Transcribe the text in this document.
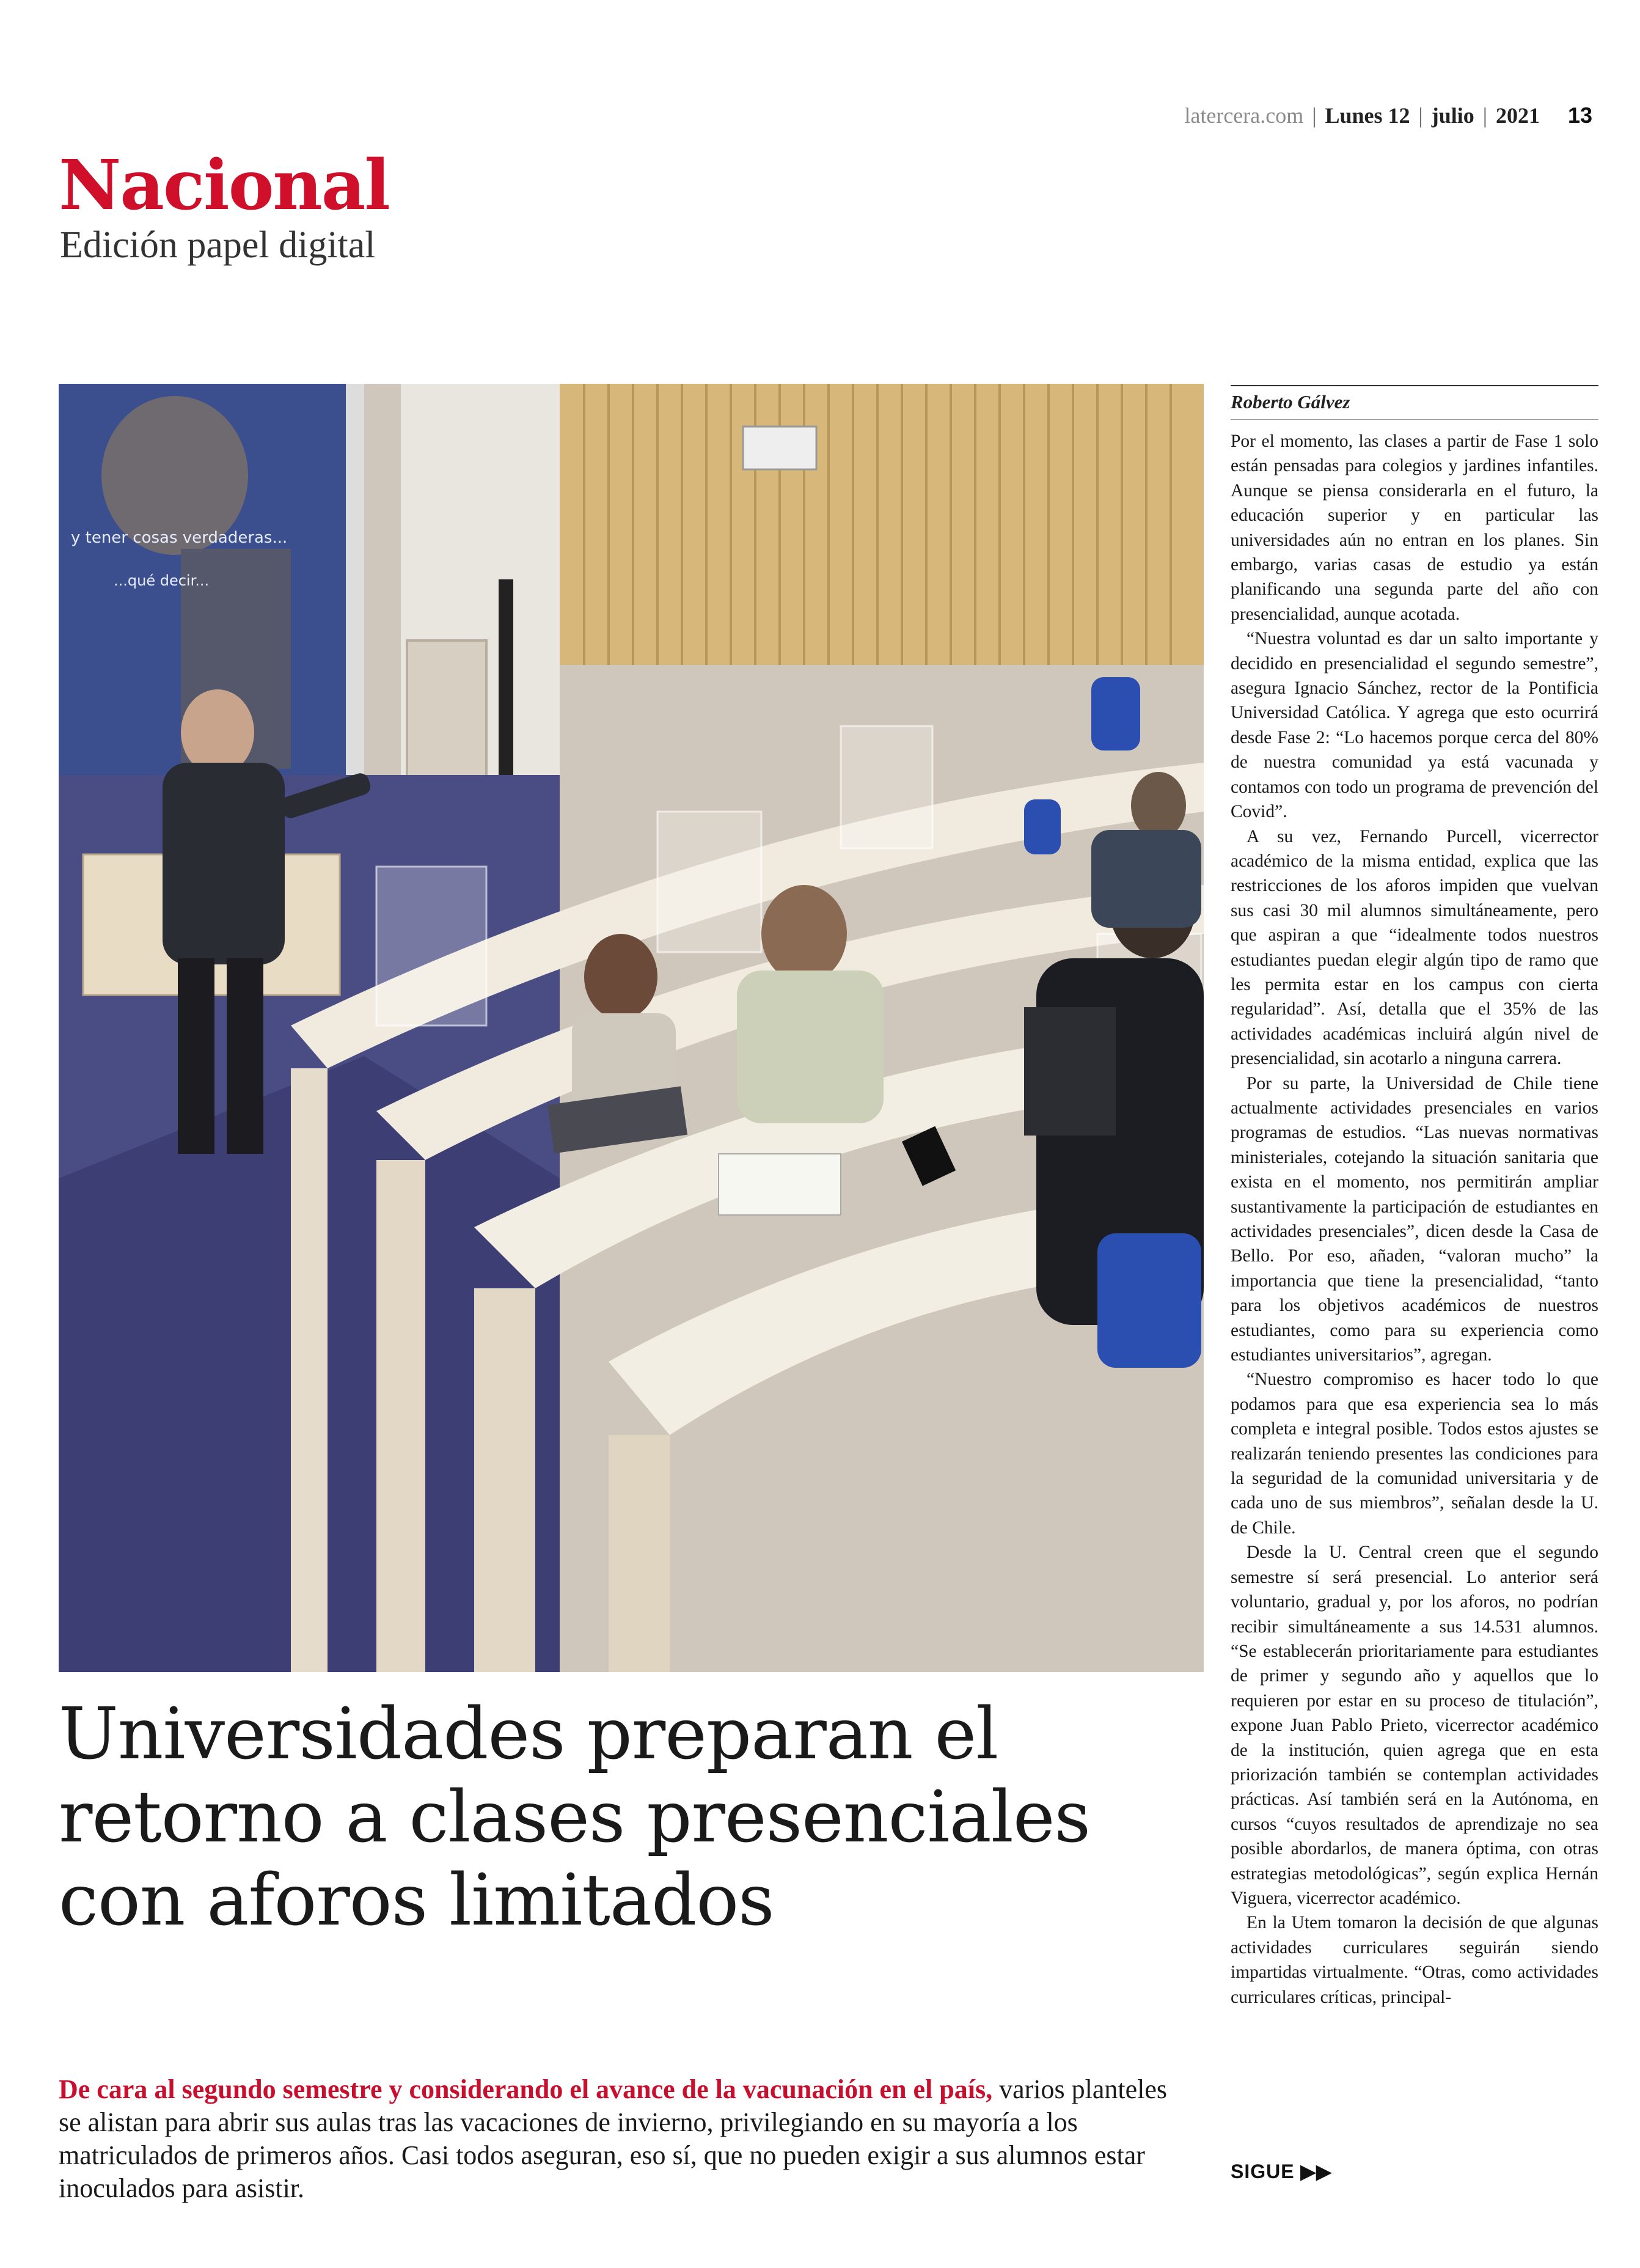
latercera.com | Lunes 12 | julio | 2021 13
Nacional
Edición papel digital
y tener cosas verdaderas...
...qué decir...
Universidades preparan el
retorno a clases presenciales
con aforos limitados

De cara al segundo semestre y considerando el avance de la vacunación en el país, varios planteles se alistan para abrir sus aulas tras las vacaciones de invierno, privilegiando en su mayoría a los matriculados de primeros años. Casi todos aseguran, eso sí, que no pueden exigir a sus alumnos estar inoculados para asistir.

Roberto Gálvez

Por el momento, las clases a partir de Fase 1 solo están pensadas para colegios y jardines infantiles. Aunque se piensa considerarla en el futuro, la educación superior y en particular las universidades aún no entran en los planes. Sin embargo, varias casas de estudio ya están planificando una segunda parte del año con presencialidad, aunque acotada.

“Nuestra voluntad es dar un salto importante y decidido en presencialidad el segundo semestre”, asegura Ignacio Sánchez, rector de la Pontificia Universidad Católica. Y agrega que esto ocurrirá desde Fase 2: “Lo hacemos porque cerca del 80% de nuestra comunidad ya está vacunada y contamos con todo un programa de prevención del Covid”.

A su vez, Fernando Purcell, vicerrector académico de la misma entidad, explica que las restricciones de los aforos impiden que vuelvan sus casi 30 mil alumnos simultáneamente, pero que aspiran a que “idealmente todos nuestros estudiantes puedan elegir algún tipo de ramo que les permita estar en los campus con cierta regularidad”. Así, detalla que el 35% de las actividades académicas incluirá algún nivel de presencialidad, sin acotarlo a ninguna carrera.

Por su parte, la Universidad de Chile tiene actualmente actividades presenciales en varios programas de estudios. “Las nuevas normativas ministeriales, cotejando la situación sanitaria que exista en el momento, nos permitirán ampliar sustantivamente la participación de estudiantes en actividades presenciales”, dicen desde la Casa de Bello. Por eso, añaden, “valoran mucho” la importancia que tiene la presencialidad, “tanto para los objetivos académicos de nuestros estudiantes, como para su experiencia como estudiantes universitarios”, agregan.

“Nuestro compromiso es hacer todo lo que podamos para que esa experiencia sea lo más completa e integral posible. Todos estos ajustes se realizarán teniendo presentes las condiciones para la seguridad de la comunidad universitaria y de cada uno de sus miembros”, señalan desde la U. de Chile.

Desde la U. Central creen que el segundo semestre sí será presencial. Lo anterior será voluntario, gradual y, por los aforos, no podrían recibir simultáneamente a sus 14.531 alumnos. “Se establecerán prioritariamente para estudiantes de primer y segundo año y aquellos que lo requieren por estar en su proceso de titulación”, expone Juan Pablo Prieto, vicerrector académico de la institución, quien agrega que en esta priorización también se contemplan actividades prácticas. Así también será en la Autónoma, en cursos “cuyos resultados de aprendizaje no sea posible abordarlos, de manera óptima, con otras estrategias metodológicas”, según explica Hernán Viguera, vicerrector académico.

En la Utem tomaron la decisión de que algunas actividades curriculares seguirán siendo impartidas virtualmente. “Otras, como actividades curriculares críticas, principal-

SIGUE ▶▶
